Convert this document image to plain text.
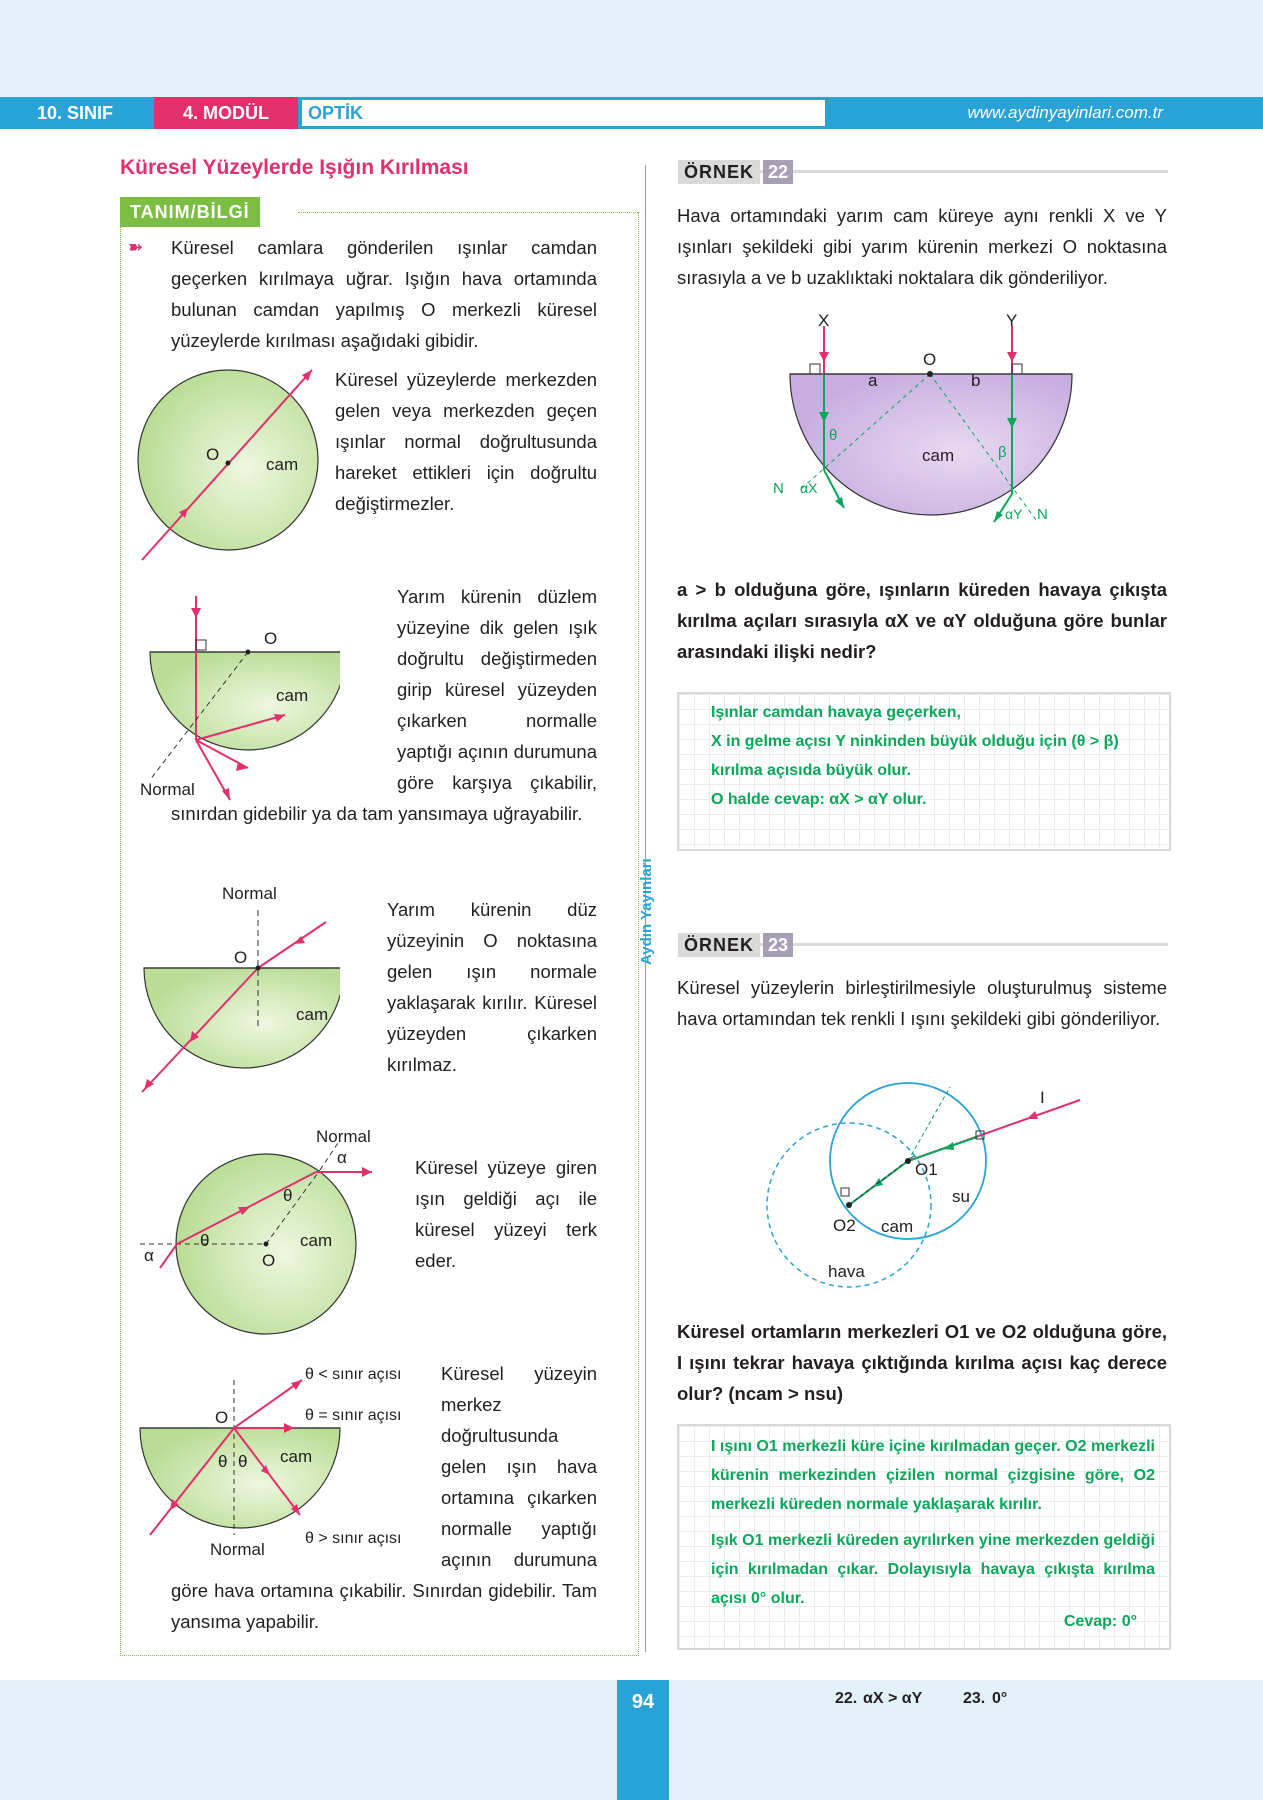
10. SINIF	4. MODÜL	OPTİK	www.aydinyayinlari.com.tr
Küresel Yüzeylerde Işığın Kırılması
TANIM/BİLGİ
➽ Küresel camlara gönderilen ışınlar camdan geçerken kırılmaya uğrar. Işığın hava ortamında bulunan camdan yapılmış O merkezli küresel yüzeylerde kırılması aşağıdaki gibidir.
O
cam
Küresel yüzeylerde merkezden gelen veya merkezden geçen ışınlar normal doğrultusunda hareket ettikleri için doğrultu değiştirmezler.
O
cam
Normal
Yarım kürenin düzlem yüzeyine dik gelen ışık doğrultu değiştirmeden girip küresel yüzeyden çıkarken normalle yaptığı açının durumuna göre karşıya çıkabilir, sınırdan gidebilir ya da tam yansımaya uğrayabilir.
Normal
O
cam
Yarım kürenin düz yüzeyinin O noktasına gelen ışın normale yaklaşarak kırılır. Küresel yüzeyden çıkarken kırılmaz.
Normal
α
θ
θ
α	O
cam
Küresel yüzeye giren ışın geldiği açı ile küresel yüzeyi terk eder.
θ < sınır açısı
θ = sınır açısı
θ > sınır açısı
O
cam
θ θ
Normal
Küresel yüzeyin merkez doğrultusunda gelen ışın hava ortamına çıkarken normalle yaptığı açının durumuna göre hava ortamına çıkabilir. Sınırdan gidebilir. Tam yansıma yapabilir.
Aydın Yayınları
ÖRNEK 22
Hava ortamındaki yarım cam küreye aynı renkli X ve Y ışınları şekildeki gibi yarım kürenin merkezi O noktasına sırasıyla a ve b uzaklıktaki noktalara dik gönderiliyor.
X	Y
O
a	b
cam
θ
β
N
N
αX
αY
a > b olduğuna göre, ışınların küreden havaya çıkışta kırılma açıları sırasıyla αX ve αY olduğuna göre bunlar arasındaki ilişki nedir?
Işınlar camdan havaya geçerken,
X in gelme açısı Y ninkinden büyük olduğu için (θ > β)
kırılma açısıda büyük olur.
O halde cevap: αX > αY olur.
ÖRNEK 23
Küresel yüzeylerin birleştirilmesiyle oluşturulmuş sisteme hava ortamından tek renkli I ışını şekildeki gibi gönderiliyor.
I
O1
su
O2 cam
hava
Küresel ortamların merkezleri O1 ve O2 olduğuna göre, I ışını tekrar havaya çıktığında kırılma açısı kaç derece olur? (ncam > nsu)
I ışını O1 merkezli küre içine kırılmadan geçer. O2 merkezli kürenin merkezinden çizilen normal çizgisine göre, O2 merkezli küreden normale yaklaşarak kırılır.
Işık O1 merkezli küreden ayrılırken yine merkezden geldiği için kırılmadan çıkar. Dolayısıyla havaya çıkışta kırılma açısı 0° olur.
Cevap: 0°
94	22. αX > αY	23. 0°
